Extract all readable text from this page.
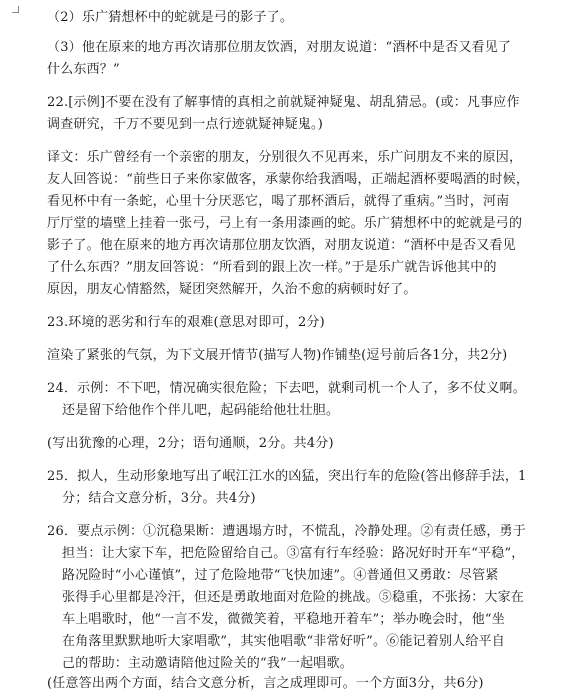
（2）乐广猜想杯中的蛇就是弓的影子了。
（3）他在原来的地方再次请那位朋友饮酒，对朋友说道：“酒杯中是否又看见了
什么东西？”
22.[示例]不要在没有了解事情的真相之前就疑神疑鬼、胡乱猜忌。(或：凡事应作
调查研究，千万不要见到一点行迹就疑神疑鬼。)
译文：乐广曾经有一个亲密的朋友，分别很久不见再来，乐广问朋友不来的原因，
友人回答说：“前些日子来你家做客，承蒙你给我酒喝，正端起酒杯要喝酒的时候，
看见杯中有一条蛇，心里十分厌恶它，喝了那杯酒后，就得了重病。”当时，河南
厅厅堂的墙壁上挂着一张弓，弓上有一条用漆画的蛇。乐广猜想杯中的蛇就是弓的
影子了。他在原来的地方再次请那位朋友饮酒，对朋友说道：“酒杯中是否又看见
了什么东西？”朋友回答说：“所看到的跟上次一样。”于是乐广就告诉他其中的
原因，朋友心情豁然，疑团突然解开，久治不愈的病顿时好了。
23.环境的恶劣和行车的艰难(意思对即可，2分)
渲染了紧张的气氛，为下文展开情节(描写人物)作铺垫(逗号前后各1分，共2分)
24．示例：不下吧，情况确实很危险；下去吧，就剩司机一个人了，多不仗义啊。
还是留下给他作个伴儿吧，起码能给他壮壮胆。
(写出犹豫的心理，2分；语句通顺，2分。共4分)
25．拟人，生动形象地写出了岷江江水的凶猛，突出行车的危险(答出修辞手法，1
分；结合文意分析，3分。共4分)
26．要点示例：①沉稳果断：遭遇塌方时，不慌乱，冷静处理。②有责任感，勇于
担当：让大家下车，把危险留给自己。③富有行车经验：路况好时开车“平稳”，
路况险时“小心谨慎”，过了危险地带“飞快加速”。④普通但又勇敢：尽管紧
张得手心里都是冷汗，但还是勇敢地面对危险的挑战。⑤稳重，不张扬：大家在
车上唱歌时，他“一言不发，微微笑着，平稳地开着车”；举办晚会时，他“坐
在角落里默默地听大家唱歌”，其实他唱歌“非常好听”。⑥能记着别人给平自
己的帮助：主动邀请陪他过险关的“我”一起唱歌。
(任意答出两个方面，结合文意分析，言之成理即可。一个方面3分，共6分)
